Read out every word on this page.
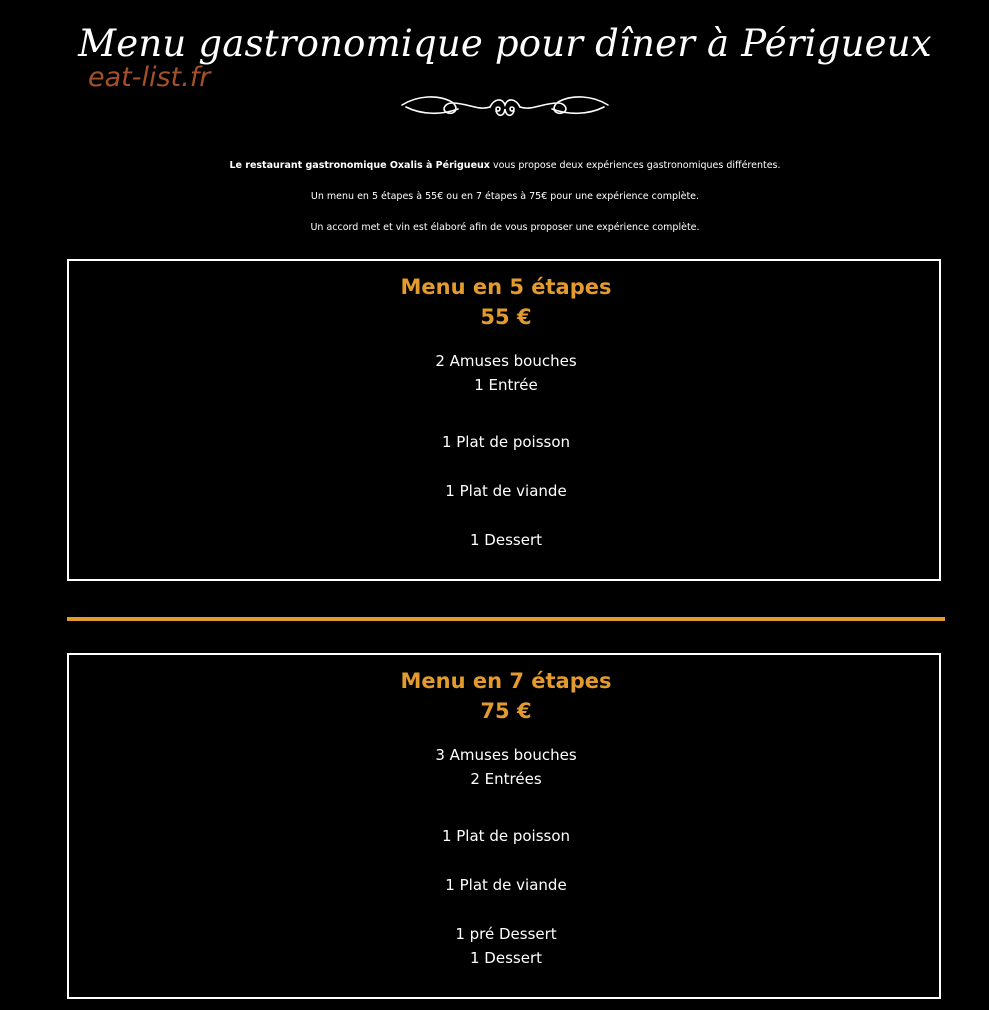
Menu gastronomique pour dîner à Périgueux
eat-list.fr
Le restaurant gastronomique Oxalis à Périgueux vous propose deux expériences gastronomiques différentes.
Un menu en 5 étapes à 55€ ou en 7 étapes à 75€ pour une expérience complète.
Un accord met et vin est élaboré afin de vous proposer une expérience complète.
Menu en 5 étapes
55 €
2 Amuses bouches
1 Entrée
1 Plat de poisson
1 Plat de viande
1 Dessert
Menu en 7 étapes
75 €
3 Amuses bouches
2 Entrées
1 Plat de poisson
1 Plat de viande
1 pré Dessert
1 Dessert
